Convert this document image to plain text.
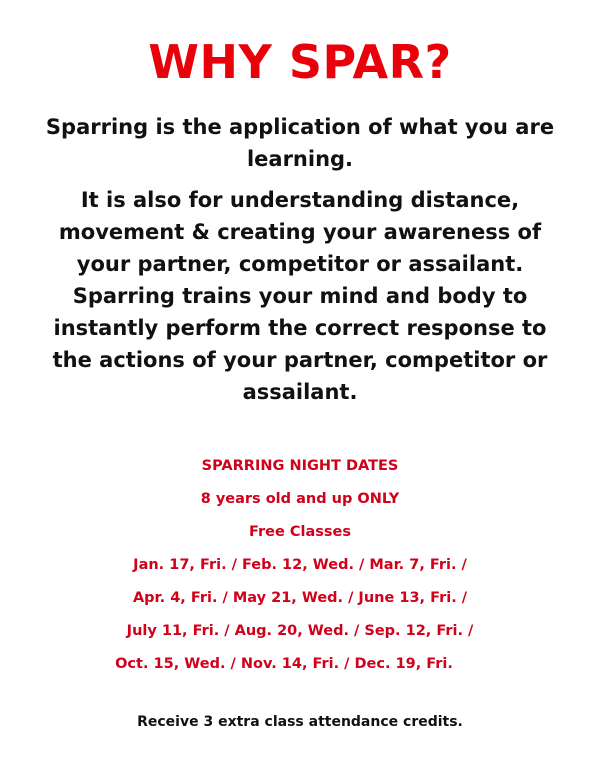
WHY SPAR?

Sparring is the application of what you are learning.

It is also for understanding distance, movement & creating your awareness of your partner, competitor or assailant. Sparring trains your mind and body to instantly perform the correct response to the actions of your partner, competitor or assailant.

SPARRING NIGHT DATES
8 years old and up ONLY
Free Classes
Jan. 17, Fri. / Feb. 12, Wed. / Mar. 7, Fri. /
Apr. 4, Fri. / May 21, Wed. / June 13, Fri. /
July 11, Fri. / Aug. 20, Wed. / Sep. 12, Fri. /
Oct. 15, Wed. / Nov. 14, Fri. / Dec. 19, Fri.
Receive 3 extra class attendance credits.
